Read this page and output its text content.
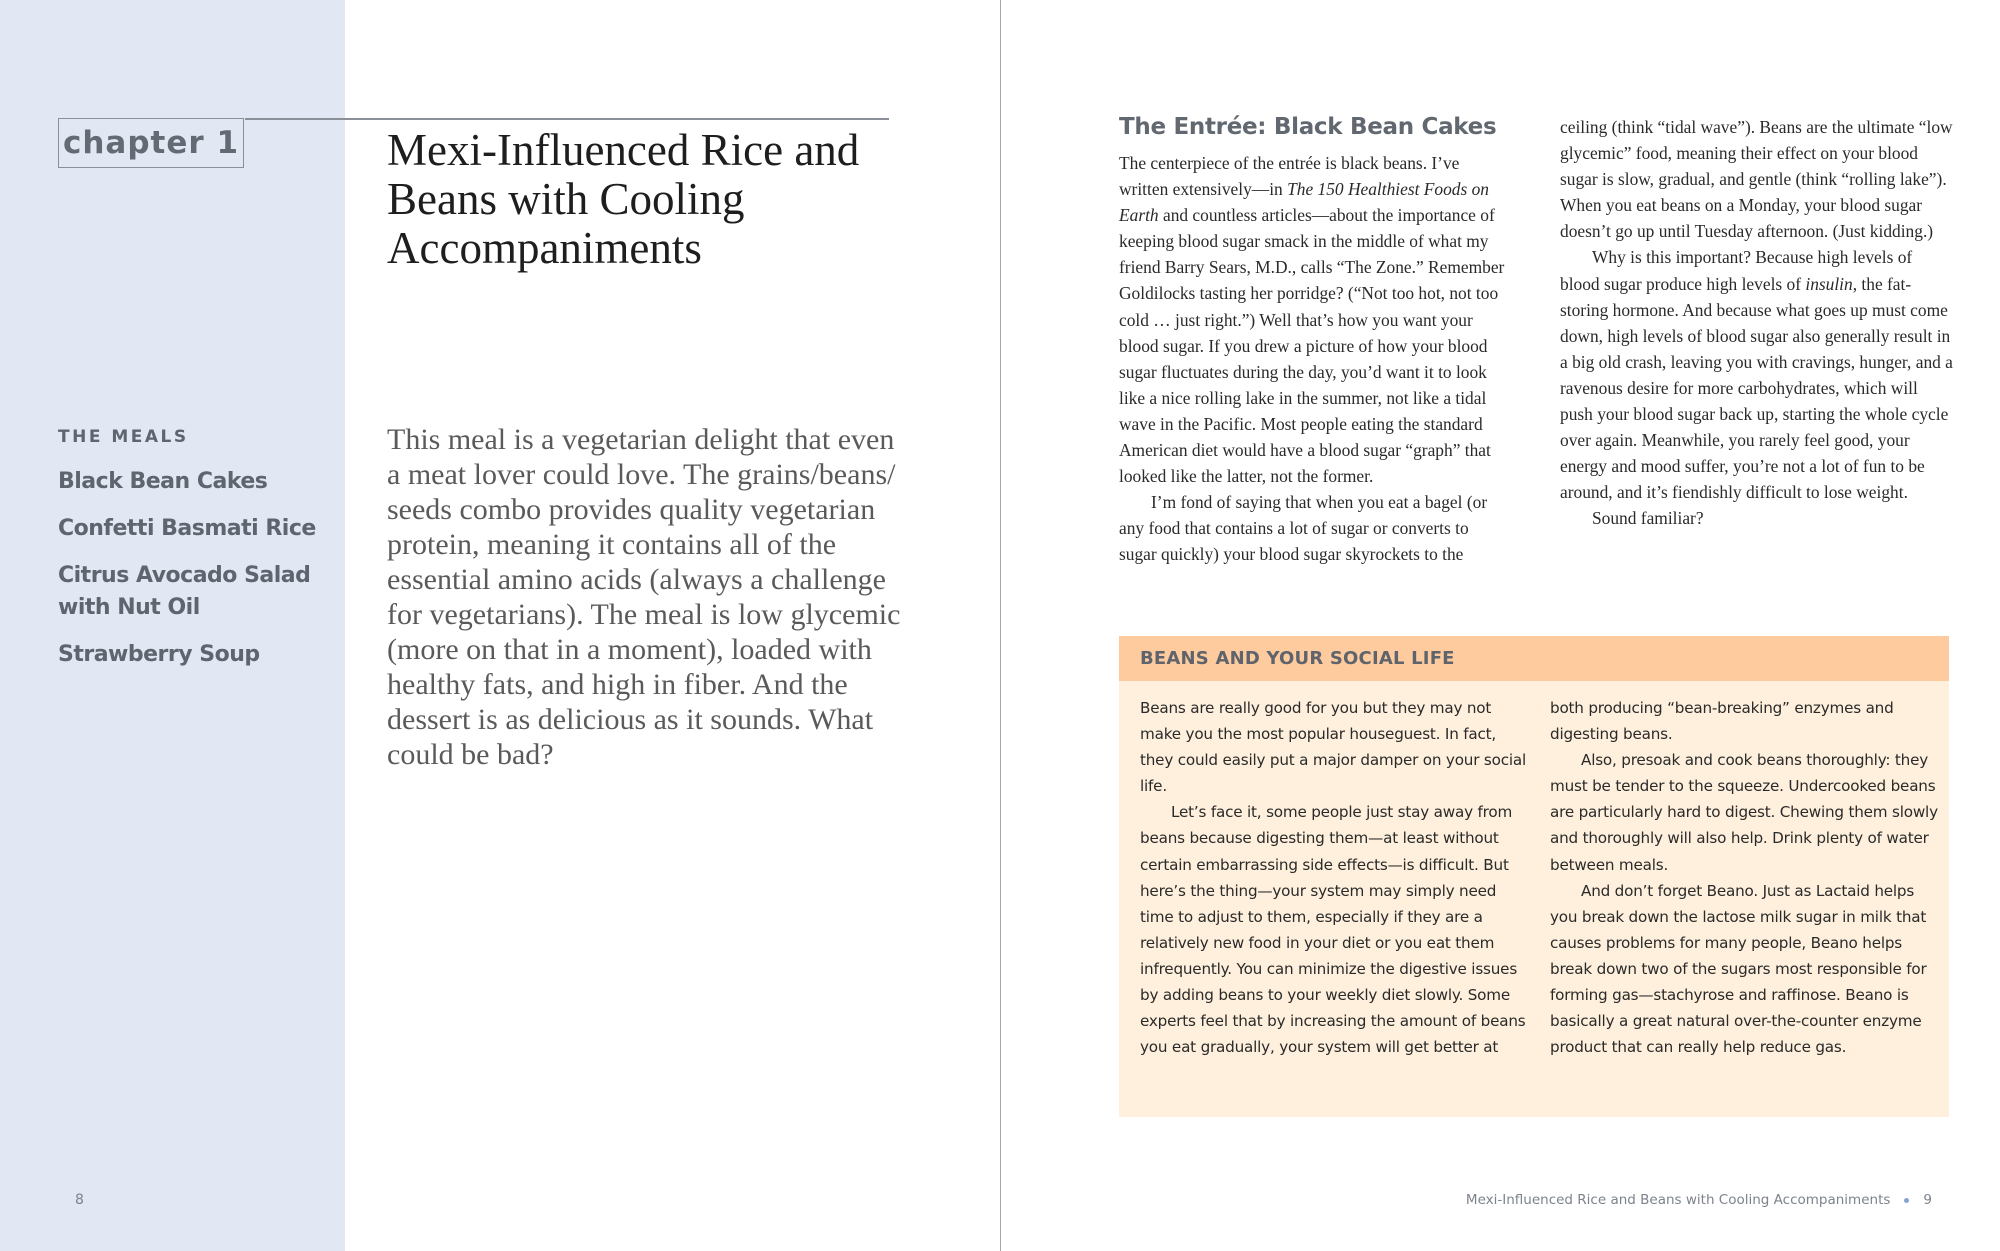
chapter 1	Mexi-Influenced Rice and Beans with Cooling Accompaniments
THE MEALS
Black Bean Cakes
Confetti Basmati Rice
Citrus Avocado Salad with Nut Oil
Strawberry Soup

This meal is a vegetarian delight that even a meat lover could love. The grains/beans/ seeds combo provides quality vegetarian protein, meaning it contains all of the essential amino acids (always a challenge for vegetarians). The meal is low glycemic (more on that in a moment), loaded with healthy fats, and high in fiber. And the dessert is as delicious as it sounds. What could be bad?

8
The Entrée: Black Bean Cakes

The centerpiece of the entrée is black beans. I’ve written extensively—in The 150 Healthiest Foods on Earth and countless articles—about the importance of keeping blood sugar smack in the middle of what my friend Barry Sears, M.D., calls “The Zone.” Remember Goldilocks tasting her porridge? (“Not too hot, not too cold … just right.”) Well that’s how you want your blood sugar. If you drew a picture of how your blood sugar fluctuates during the day, you’d want it to look like a nice rolling lake in the summer, not like a tidal wave in the Pacific. Most people eating the standard American diet would have a blood sugar “graph” that looked like the latter, not the former.

I’m fond of saying that when you eat a bagel (or any food that contains a lot of sugar or converts to sugar quickly) your blood sugar skyrockets to the

ceiling (think “tidal wave”). Beans are the ultimate “low glycemic” food, meaning their effect on your blood sugar is slow, gradual, and gentle (think “rolling lake”). When you eat beans on a Monday, your blood sugar doesn’t go up until Tuesday afternoon. (Just kidding.)

Why is this important? Because high levels of blood sugar produce high levels of insulin, the fat-storing hormone. And because what goes up must come down, high levels of blood sugar also generally result in a big old crash, leaving you with cravings, hunger, and a ravenous desire for more carbohydrates, which will push your blood sugar back up, starting the whole cycle over again. Meanwhile, you rarely feel good, your energy and mood suffer, you’re not a lot of fun to be around, and it’s fiendishly difficult to lose weight.

Sound familiar?

BEANS AND YOUR SOCIAL LIFE

Beans are really good for you but they may not make you the most popular houseguest. In fact, they could easily put a major damper on your social life.

Let’s face it, some people just stay away from beans because digesting them—at least without certain embarrassing side effects—is difficult. But here’s the thing—your system may simply need time to adjust to them, especially if they are a relatively new food in your diet or you eat them infrequently. You can minimize the digestive issues by adding beans to your weekly diet slowly. Some experts feel that by increasing the amount of beans you eat gradually, your system will get better at

both producing “bean-breaking” enzymes and digesting beans.

Also, presoak and cook beans thoroughly: they must be tender to the squeeze. Undercooked beans are particularly hard to digest. Chewing them slowly and thoroughly will also help. Drink plenty of water between meals.

And don’t forget Beano. Just as Lactaid helps you break down the lactose milk sugar in milk that causes problems for many people, Beano helps break down two of the sugars most responsible for forming gas—stachyrose and raffinose. Beano is basically a great natural over-the-counter enzyme product that can really help reduce gas.

Mexi-Influenced Rice and Beans with Cooling Accompaniments 9
